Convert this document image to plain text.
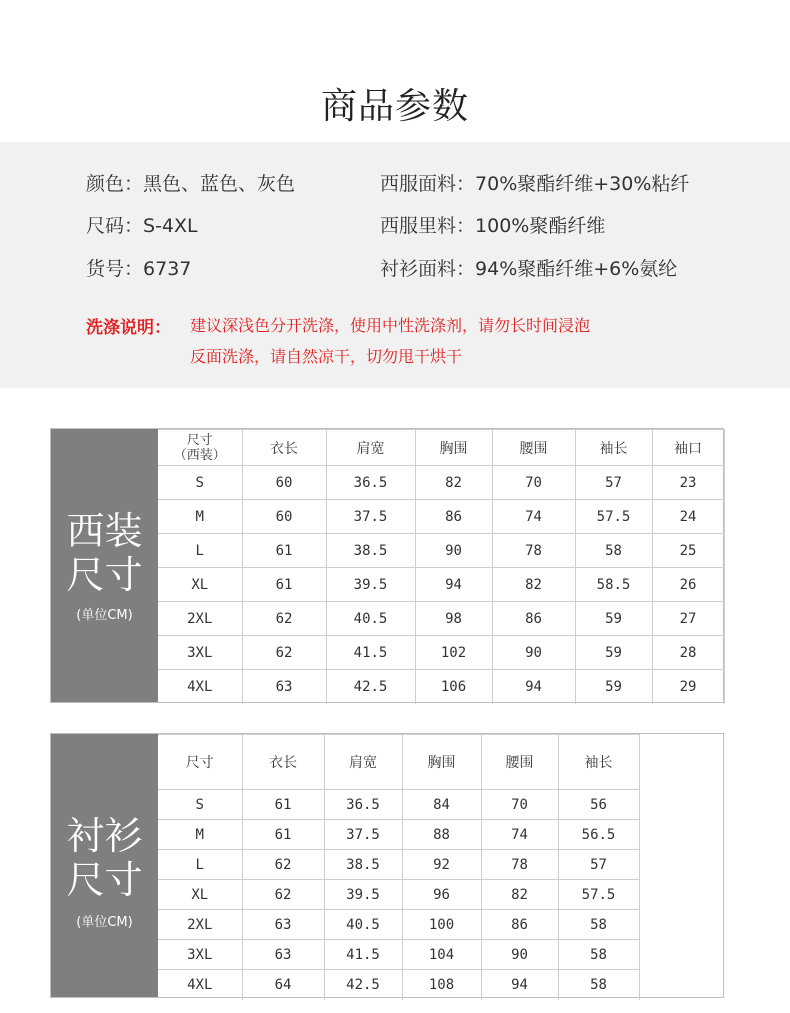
商品参数
颜色：黑色、蓝色、灰色
尺码：S-4XL
货号：6737
西服面料：70%聚酯纤维+30%粘纤
西服里料：100%聚酯纤维
衬衫面料：94%聚酯纤维+6%氨纶
洗涤说明： 建议深浅色分开洗涤，使用中性洗涤剂，请勿长时间浸泡
反面洗涤，请自然凉干，切勿甩干烘干
西装
尺寸
(单位CM)
尺寸
（西装）	衣长	肩宽	胸围	腰围	袖长	袖口
S	60	36.5	82	70	57	23
M	60	37.5	86	74	57.5	24
L	61	38.5	90	78	58	25
XL	61	39.5	94	82	58.5	26
2XL	62	40.5	98	86	59	27
3XL	62	41.5	102	90	59	28
4XL	63	42.5	106	94	59	29
衬衫
尺寸
(单位CM)
尺寸	衣长	肩宽	胸围	腰围	袖长
S	61	36.5	84	70	56
M	61	37.5	88	74	56.5
L	62	38.5	92	78	57
XL	62	39.5	96	82	57.5
2XL	63	40.5	100	86	58
3XL	63	41.5	104	90	58
4XL	64	42.5	108	94	58
